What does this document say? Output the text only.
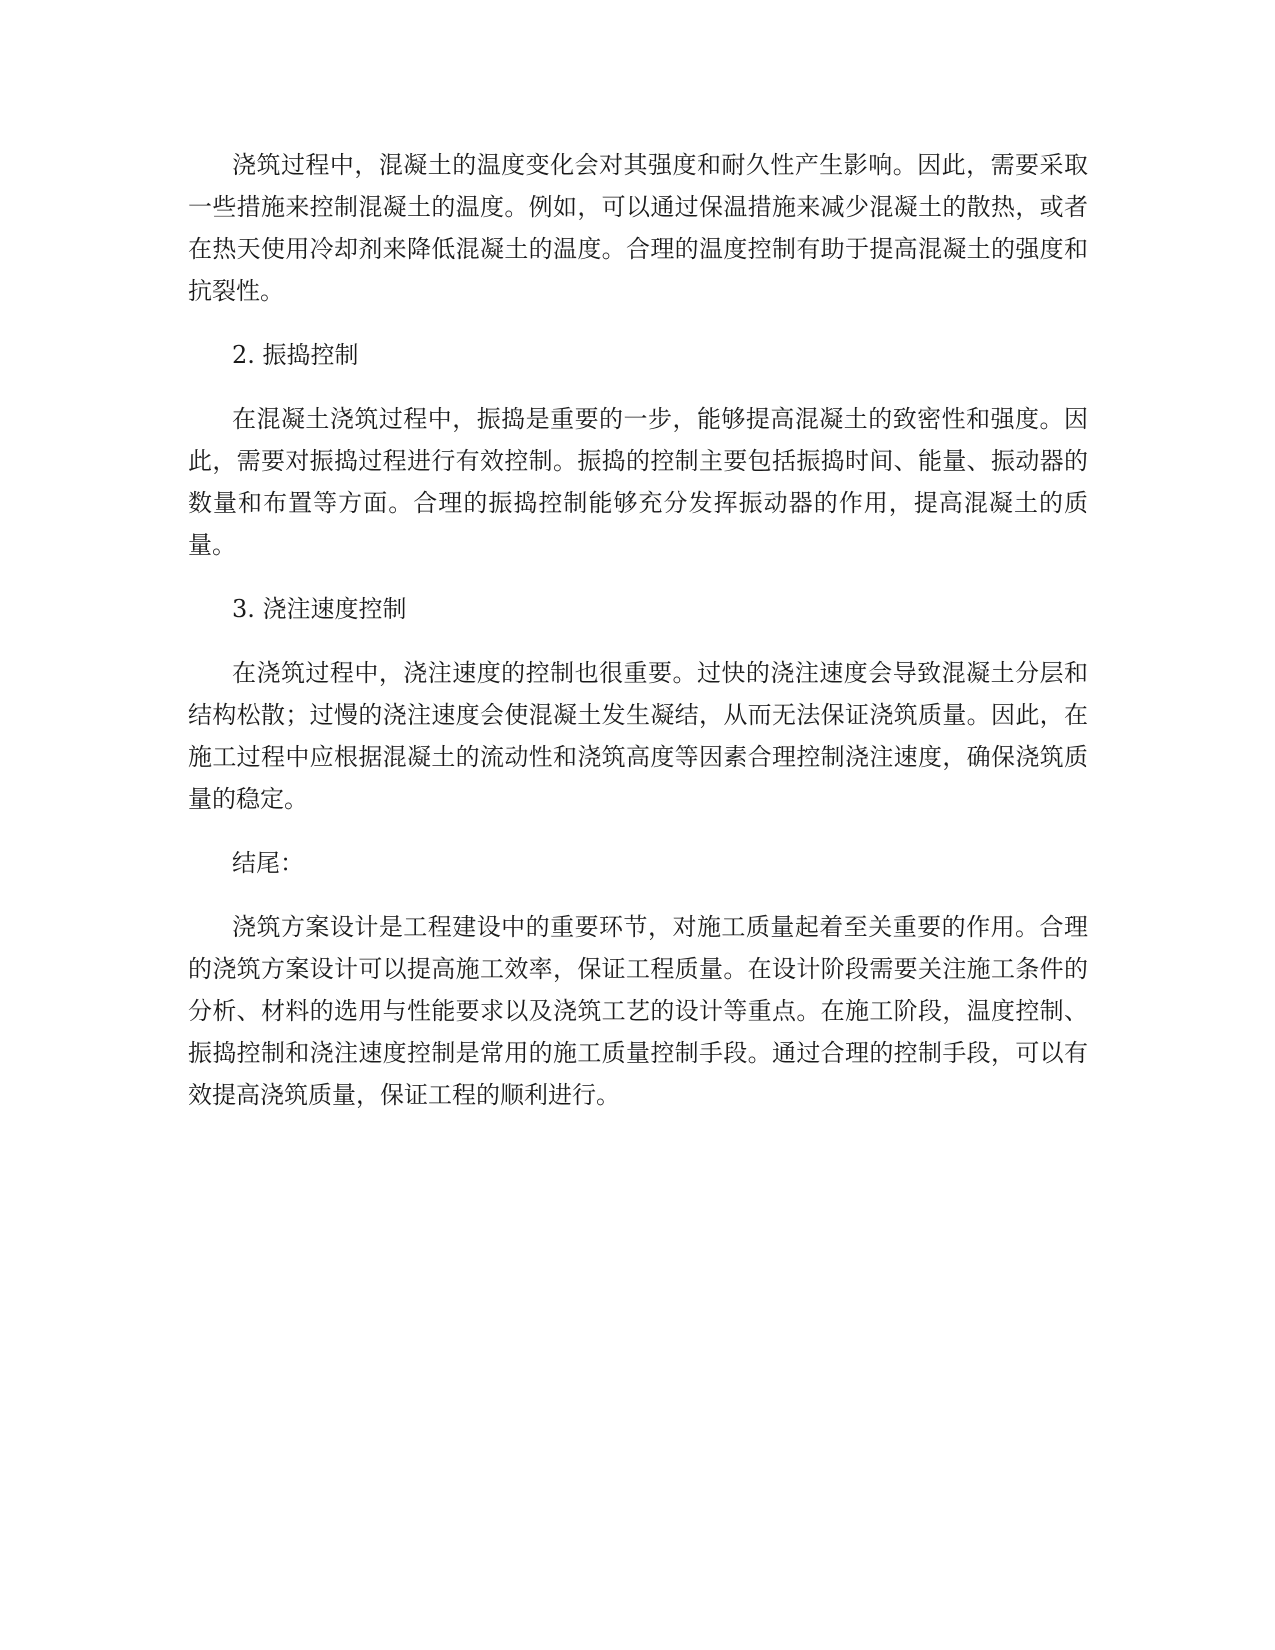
浇筑过程中，混凝土的温度变化会对其强度和耐久性产生影响。因此，需要采取一些措施来控制混凝土的温度。例如，可以通过保温措施来减少混凝土的散热，或者在热天使用冷却剂来降低混凝土的温度。合理的温度控制有助于提高混凝土的强度和抗裂性。

2. 振捣控制

在混凝土浇筑过程中，振捣是重要的一步，能够提高混凝土的致密性和强度。因此，需要对振捣过程进行有效控制。振捣的控制主要包括振捣时间、能量、振动器的数量和布置等方面。合理的振捣控制能够充分发挥振动器的作用，提高混凝土的质量。

3. 浇注速度控制

在浇筑过程中，浇注速度的控制也很重要。过快的浇注速度会导致混凝土分层和结构松散；过慢的浇注速度会使混凝土发生凝结，从而无法保证浇筑质量。因此，在施工过程中应根据混凝土的流动性和浇筑高度等因素合理控制浇注速度，确保浇筑质量的稳定。

结尾：

浇筑方案设计是工程建设中的重要环节，对施工质量起着至关重要的作用。合理的浇筑方案设计可以提高施工效率，保证工程质量。在设计阶段需要关注施工条件的分析、材料的选用与性能要求以及浇筑工艺的设计等重点。在施工阶段，温度控制、振捣控制和浇注速度控制是常用的施工质量控制手段。通过合理的控制手段，可以有效提高浇筑质量，保证工程的顺利进行。
